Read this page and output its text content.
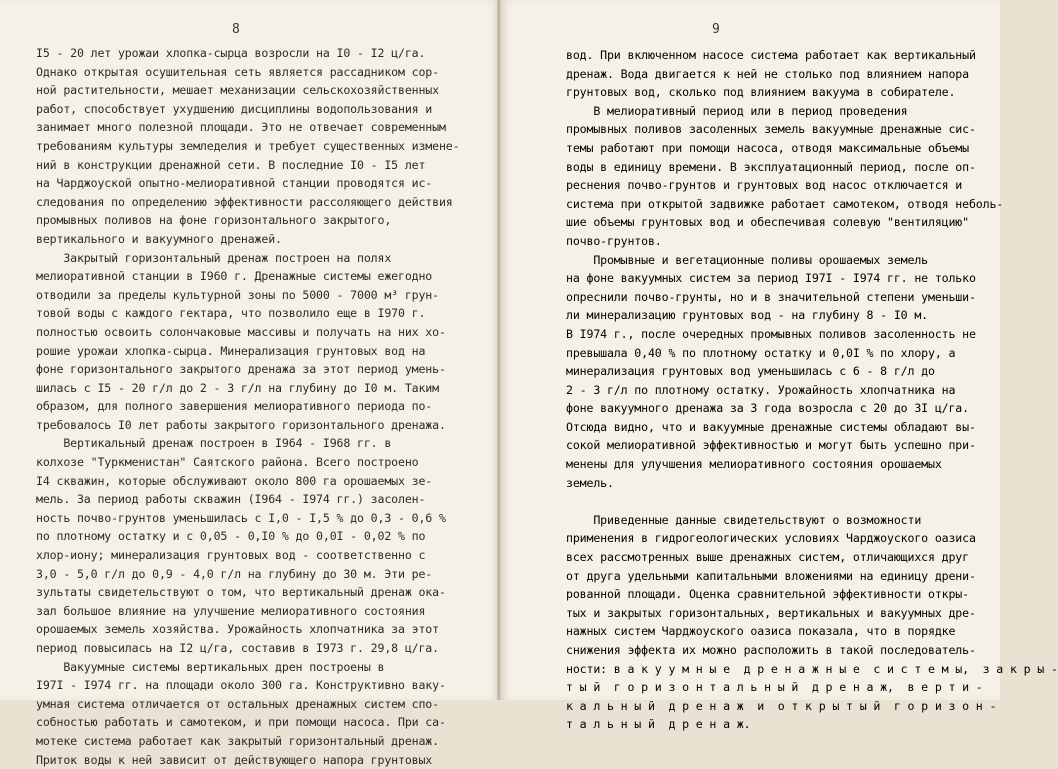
8
I5 - 20 лет урожаи хлопка-сырца возросли на I0 - I2 ц/га.
Однако открытая осушительная сеть является рассадником сор-
ной растительности, мешает механизации сельскохозяйственных
работ, способствует ухудшению дисциплины водопользования и
занимает много полезной площади. Это не отвечает современным
требованиям культуры земледелия и требует существенных измене-
ний в конструкции дренажной сети. В последние I0 - I5 лет
на Чарджоуской опытно-мелиоративной станции проводятся ис-
следования по определению эффективности рассоляющего действия
промывных поливов на фоне горизонтального закрытого,
вертикального и вакуумного дренажей.
Закрытый горизонтальный дренаж построен на полях
мелиоративной станции в I960 г. Дренажные системы ежегодно
отводили за пределы культурной зоны по 5000 - 7000 м³ грун-
товой воды с каждого гектара, что позволило еще в I970 г.
полностью освоить солончаковые массивы и получать на них хо-
рошие урожаи хлопка-сырца. Минерализация грунтовых вод на
фоне горизонтального закрытого дренажа за этот период умень-
шилась с I5 - 20 г/л до 2 - 3 г/л на глубину до I0 м. Таким
образом, для полного завершения мелиоративного периода по-
требовалось I0 лет работы закрытого горизонтального дренажа.
Вертикальный дренаж построен в I964 - I968 гг. в
колхозе "Туркменистан" Саятского района. Всего построено
I4 скважин, которые обслуживают около 800 га орошаемых зе-
мель. За период работы скважин (I964 - I974 гг.) засолен-
ность почво-грунтов уменьшилась с I,0 - I,5 % до 0,3 - 0,6 %
по плотному остатку и с 0,05 - 0,I0 % до 0,0I - 0,02 % по
хлор-иону; минерализация грунтовых вод - соответственно с
3,0 - 5,0 г/л до 0,9 - 4,0 г/л на глубину до 30 м. Эти ре-
зультаты свидетельствуют о том, что вертикальный дренаж ока-
зал большое влияние на улучшение мелиоративного состояния
орошаемых земель хозяйства. Урожайность хлопчатника за этот
период повысилась на I2 ц/га, составив в I973 г. 29,8 ц/га.
Вакуумные системы вертикальных дрен построены в
I97I - I974 гг. на площади около 300 га. Конструктивно ваку-
умная система отличается от остальных дренажных систем спо-
собностью работать и самотеком, и при помощи насоса. При са-
мотеке система работает как закрытый горизонтальный дренаж.
Приток воды к ней зависит от действующего напора грунтовых
9
вод. При включенном насосе система работает как вертикальный
дренаж. Вода двигается к ней не столько под влиянием напора
грунтовых вод, сколько под влиянием вакуума в собирателе.
В мелиоративный период или в период проведения
промывных поливов засоленных земель вакуумные дренажные сис-
темы работают при помощи насоса, отводя максимальные объемы
воды в единицу времени. В эксплуатационный период, после оп-
реснения почво-грунтов и грунтовых вод насос отключается и
система при открытой задвижке работает самотеком, отводя неболь-
шие объемы грунтовых вод и обеспечивая солевую "вентиляцию"
почво-грунтов.
Промывные и вегетационные поливы орошаемых земель
на фоне вакуумных систем за период I97I - I974 гг. не только
опреснили почво-грунты, но и в значительной степени уменьши-
ли минерализацию грунтовых вод - на глубину 8 - I0 м.
В I974 г., после очередных промывных поливов засоленность не
превышала 0,40 % по плотному остатку и 0,0I % по хлору, а
минерализация грунтовых вод уменьшилась с 6 - 8 г/л до
2 - 3 г/л по плотному остатку. Урожайность хлопчатника на
фоне вакуумного дренажа за 3 года возросла с 20 до 3I ц/га.
Отсюда видно, что и вакуумные дренажные системы обладают вы-
сокой мелиоративной эффективностью и могут быть успешно при-
менены для улучшения мелиоративного состояния орошаемых
земель.
Приведенные данные свидетельствуют о возможности
применения в гидрогеологических условиях Чарджоуского оазиса
всех рассмотренных выше дренажных систем, отличающихся друг
от друга удельными капитальными вложениями на единицу дрени-
рованной площади. Оценка сравнительной эффективности откры-
тых и закрытых горизонтальных, вертикальных и вакуумных дре-
нажных систем Чарджоуского оазиса показала, что в порядке
снижения эффекта их можно расположить в такой последователь-
ности: в а к у у м н ы е  д р е н а ж н ы е  с и с т е м ы,  з а к р ы -
т ы й  г о р и з о н т а л ь н ы й  д р е н а ж,  в е р т и -
к а л ь н ы й  д р е н а ж  и  о т к р ы т ы й  г о р и з о н -
т а л ь н ы й  д р е н а ж.
